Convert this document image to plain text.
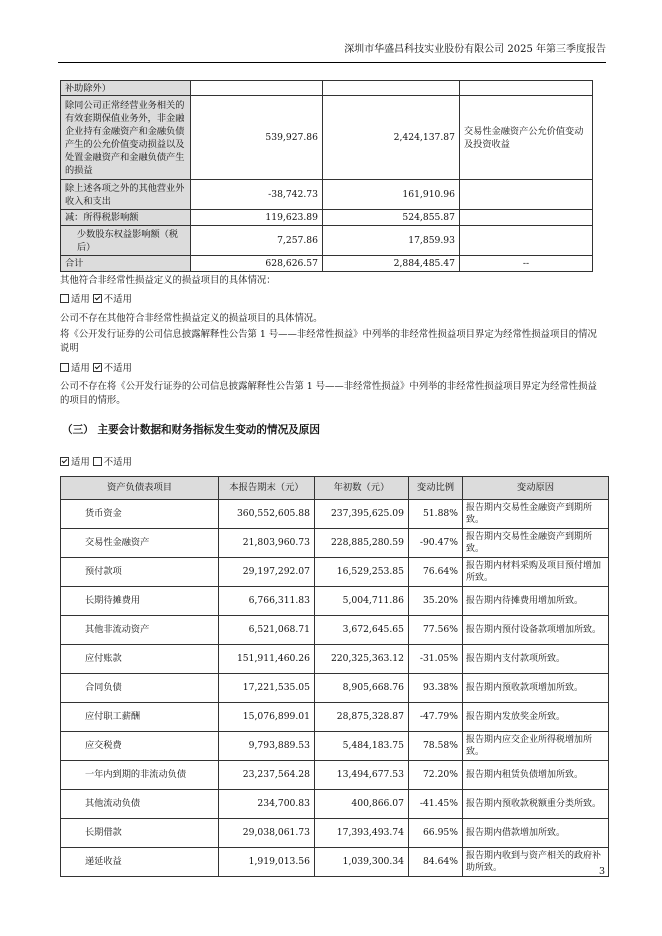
深圳市华盛昌科技实业股份有限公司 2025 年第三季度报告
补助除外）			
除同公司正常经营业务相关的有效套期保值业务外，非金融企业持有金融资产和金融负债产生的公允价值变动损益以及处置金融资产和金融负债产生的损益	539,927.86	2,424,137.87	交易性金融资产公允价值变动及投资收益
除上述各项之外的其他营业外收入和支出	-38,742.73	161,910.96	
减：所得税影响额	119,623.89	524,855.87	
少数股东权益影响额（税后）	7,257.86	17,859.93	
合计	628,626.57	2,884,485.47	--
其他符合非经常性损益定义的损益项目的具体情况：
适用 不适用
公司不存在其他符合非经常性损益定义的损益项目的具体情况。
将《公开发行证券的公司信息披露解释性公告第 1 号——非经常性损益》中列举的非经常性损益项目界定为经常性损益项目的情况说明
适用 不适用
公司不存在将《公开发行证券的公司信息披露解释性公告第 1 号——非经常性损益》中列举的非经常性损益项目界定为经常性损益的项目的情形。
（三） 主要会计数据和财务指标发生变动的情况及原因
适用 不适用
资产负债表项目	本报告期末（元）	年初数（元）	变动比例	变动原因
货币资金	360,552,605.88	237,395,625.09	51.88%	报告期内交易性金融资产到期所致。
交易性金融资产	21,803,960.73	228,885,280.59	-90.47%	报告期内交易性金融资产到期所致。
预付款项	29,197,292.07	16,529,253.85	76.64%	报告期内材料采购及项目预付增加所致。
长期待摊费用	6,766,311.83	5,004,711.86	35.20%	报告期内待摊费用增加所致。
其他非流动资产	6,521,068.71	3,672,645.65	77.56%	报告期内预付设备款项增加所致。
应付账款	151,911,460.26	220,325,363.12	-31.05%	报告期内支付款项所致。
合同负债	17,221,535.05	8,905,668.76	93.38%	报告期内预收款项增加所致。
应付职工薪酬	15,076,899.01	28,875,328.87	-47.79%	报告期内发放奖金所致。
应交税费	9,793,889.53	5,484,183.75	78.58%	报告期内应交企业所得税增加所致。
一年内到期的非流动负债	23,237,564.28	13,494,677.53	72.20%	报告期内租赁负债增加所致。
其他流动负债	234,700.83	400,866.07	-41.45%	报告期内预收款税额重分类所致。
长期借款	29,038,061.73	17,393,493.74	66.95%	报告期内借款增加所致。
递延收益	1,919,013.56	1,039,300.34	84.64%	报告期内收到与资产相关的政府补助所致。	3
